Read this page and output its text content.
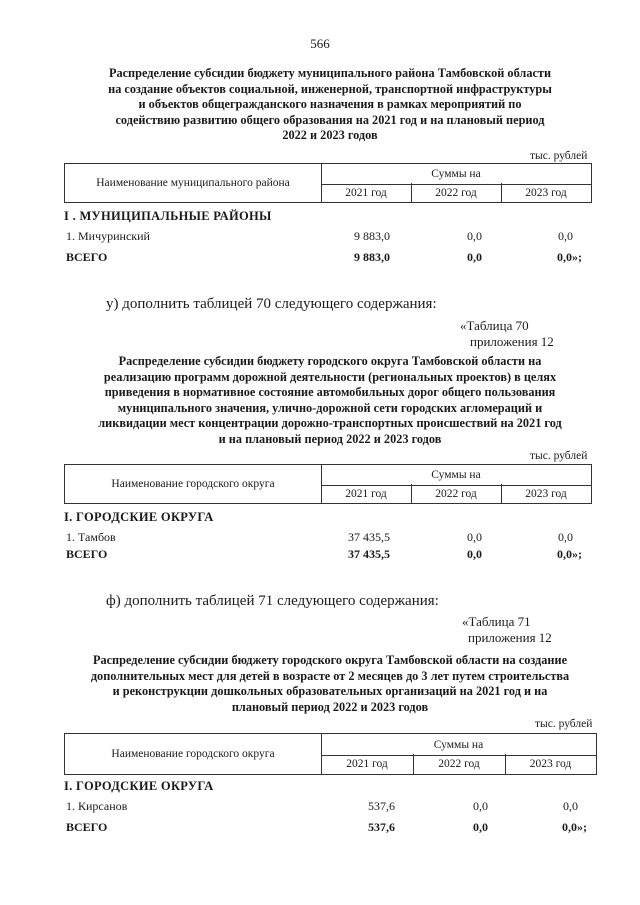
566
Распределение субсидии бюджету муниципального района Тамбовской области
на создание объектов социальной, инженерной, транспортной инфраструктуры
и объектов общегражданского назначения в рамках мероприятий по
содействию развитию общего образования на 2021 год и на плановый период
2022 и 2023 годов
тыс. рублей
Наименование муниципального района
Суммы на
2021 год	2022 год	2023 год
I . МУНИЦИПАЛЬНЫЕ РАЙОНЫ
1. Мичуринский	9 883,0	0,0	0,0
ВСЕГО	9 883,0	0,0	0,0»;
у) дополнить таблицей 70 следующего содержания:
«Таблица 70
приложения 12
Распределение субсидии бюджету городского округа Тамбовской области на
реализацию программ дорожной деятельности (региональных проектов) в целях
приведения в нормативное состояние автомобильных дорог общего пользования
муниципального значения, улично-дорожной сети городских агломераций и
ликвидации мест концентрации дорожно-транспортных происшествий на 2021 год
и на плановый период 2022 и 2023 годов
тыс. рублей
Наименование городского округа
Суммы на
2021 год	2022 год	2023 год
I. ГОРОДСКИЕ ОКРУГА
1. Тамбов	37 435,5	0,0	0,0
ВСЕГО	37 435,5	0,0	0,0»;
ф) дополнить таблицей 71 следующего содержания:
«Таблица 71
приложения 12
Распределение субсидии бюджету городского округа Тамбовской области на создание
дополнительных мест для детей в возрасте от 2 месяцев до 3 лет путем строительства
и реконструкции дошкольных образовательных организаций на 2021 год и на
плановый период 2022 и 2023 годов
тыс. рублей
Наименование городского округа
Суммы на
2021 год	2022 год	2023 год
I. ГОРОДСКИЕ ОКРУГА
1. Кирсанов	537,6	0,0	0,0
ВСЕГО	537,6	0,0	0,0»;
